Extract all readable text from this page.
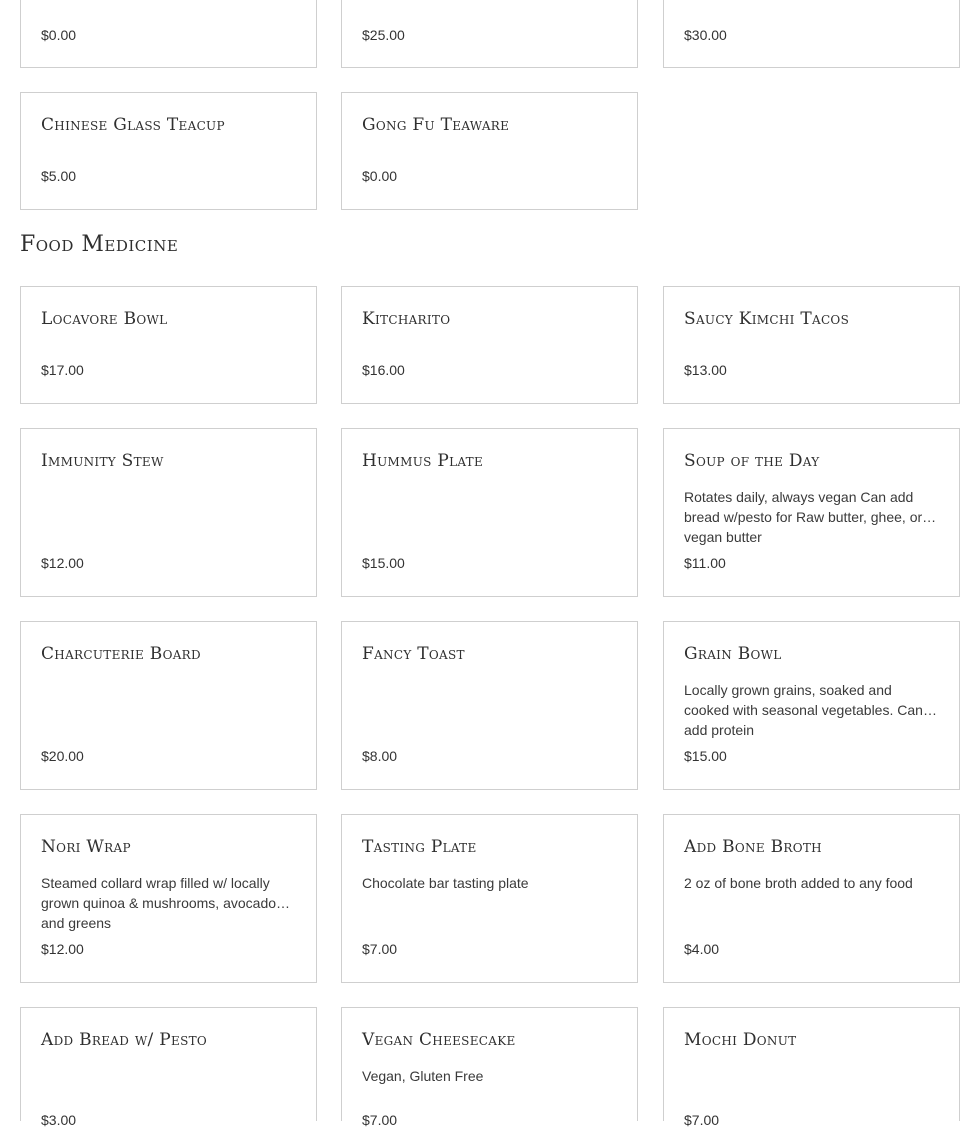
$0.00	$25.00	$30.00
Chinese Glass Teacup
$5.00
Gong Fu Teaware
$0.00
Food Medicine
Locavore Bowl
$17.00
Kitcharito
$16.00
Saucy Kimchi Tacos
$13.00
Immunity Stew
$12.00
Hummus Plate
$15.00
Soup of the Day
Rotates daily, always vegan Can add bread w/pesto for Raw butter, ghee, or vegan butter
$11.00
Charcuterie Board
$20.00
Fancy Toast
$8.00
Grain Bowl
Locally grown grains, soaked and cooked with seasonal vegetables. Can add protein
$15.00
Nori Wrap
Steamed collard wrap filled w/ locally grown quinoa & mushrooms, avocado and greens
$12.00
Tasting Plate
Chocolate bar tasting plate
$7.00
Add Bone Broth
2 oz of bone broth added to any food
$4.00
Add Bread w/ Pesto
$3.00
Vegan Cheesecake
Vegan, Gluten Free
$7.00
Mochi Donut
$7.00
